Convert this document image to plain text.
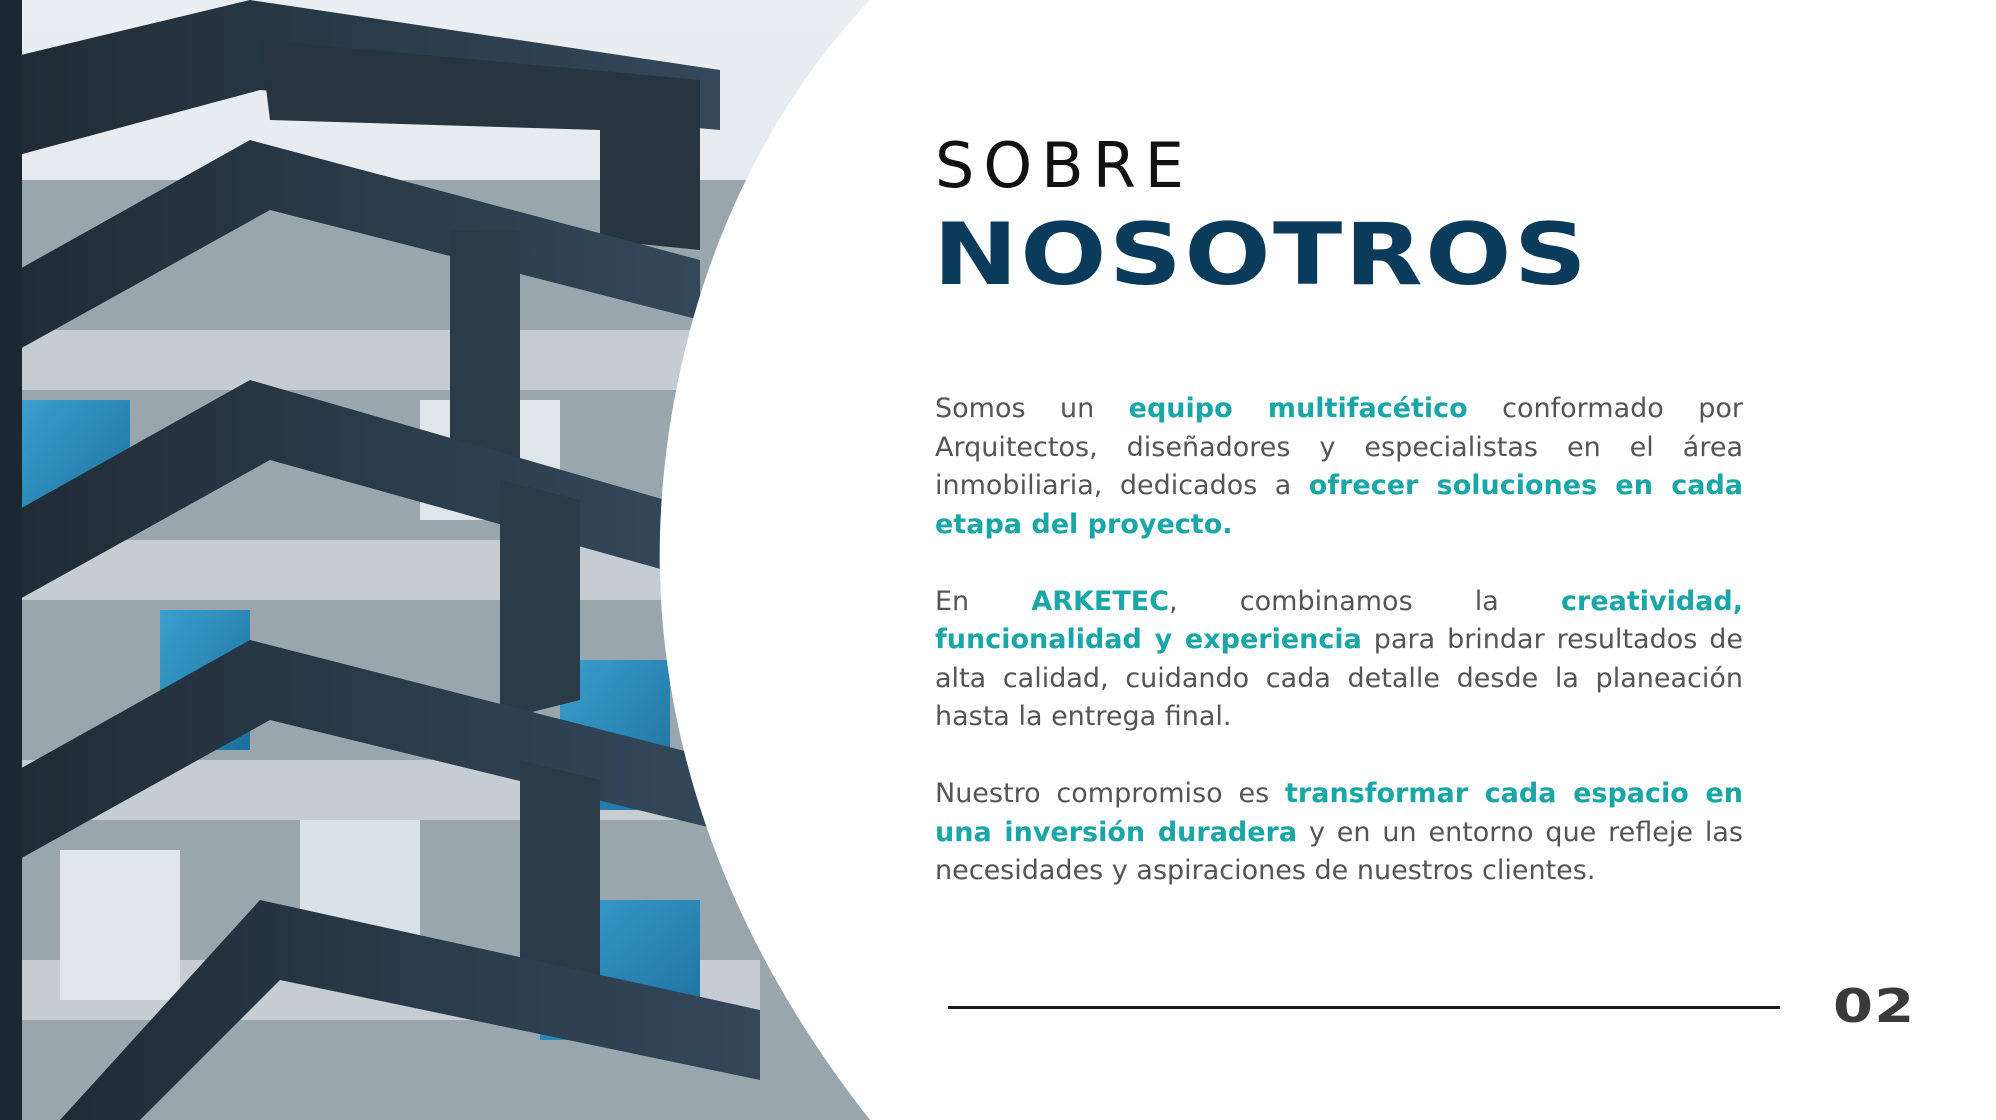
SOBRE
NOSOTROS

Somos un equipo multifacético conformado por Arquitectos, diseñadores y especialistas en el área inmobiliaria, dedicados a ofrecer soluciones en cada etapa del proyecto.

En ARKETEC, combinamos la creatividad, funcionalidad y experiencia para brindar resultados de alta calidad, cuidando cada detalle desde la planeación hasta la entrega final.

Nuestro compromiso es transformar cada espacio en una inversión duradera y en un entorno que refleje las necesidades y aspiraciones de nuestros clientes.

02
